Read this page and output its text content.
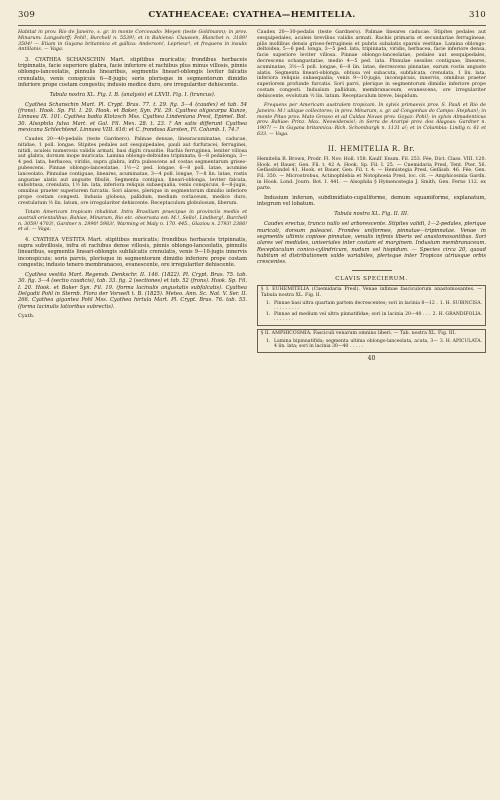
309	CYATHEACEAE: CYATHEA—HEMITELIA.	310

Habitat in prov. Rio de Janeiro, s. gr. in monte Corcovado: Meyen (teste Goldmann); in prov. Minarum: Langsdorff; Pohl!, Burchell n. 5539!; et in Bahiensi: Claussen, Blanchet n. 3189! 3504! — Etiam in Guyana britannica et gallica: Anderson!, Leprieur!, et frequens in insulis Antillanis. — Vaga.

3. CYATHEA SCHANSCHIN Mart. stipitibus muricatis; frondibus herbaceis tripinnatis, facie superiore glabra, facie inferiore et rachibus plus minus villosis, pinnis oblongo-lanceolatis, pinnulis linearibus, segmentis linearl-oblongis leviter falcatis crenulatis, venis conspicuis 6—8-jugis; soris plerisque in segmentorum dimidio inferiore prope costam congestis; indusio medice duro, ore irregulariter dehiscente.

Tabula nostra XL. Fig. I. B. (analysis) et LXVII. Fig. I. (truncus).

Cyathea Schanschin Mart. Pl. Crypt. Bras. 77. t. 29. fig. 3—4 (caudex) et tab. 54 (frons). Hook. Sp. Fil. I. 20. Hook. et Baker, Syn. Fil. 29. Cyathea oligocarpa Kunze, Linnaea IX. 101. Cyathea badia Klotzsch Mss. Cyathea Lindeniana Presl, Epimel. Bot. 30. Alsophila fulva Mart. et Gal. Fil. Mex. 28. t. 23. ? An satis differunt Cyathea mexicana Schlechtend. Linnaea VIII. 616: et C. frondosa Karsten, Fl. Columb. I. 74.?

Caudex 20—40-pedalis (teste Gardnero). Palmae densae, linearacuminatae, caducae, nitidae, 1 poll. longae. Stipites pedales aut sesquipedales, pauli aut furfuracei, ferruginei, nitidi, aculeis numerosis validis armati, basi digiti crassitie. Rachis ferruginea, leniter villosa aut glabra, dorsum inope muricata. Lamina oblongo-deltoidea tripinnata, 6—8 pedalonga, 3—4 ped. lata, herbacea, viridis, supra glabra, infra pubescens ad costas segmentarum griseo-pubescens. Pinnae oblongo-lanceolatae, 1½—2 ped. longae, 6—8 poll. latae, acumine lanceolato. Pinnulae contiguae, lineares, acuminatae, 3—4 poll. longae, 7—8 lin. latae, rostis angustae alatis aut anguste fibulis. Segmenta contigua, lineari-oblonga, leviter falcata, subobtusa, crenulata, 1½ lin. lata, inferiora reliquis subaequalia, venis conspicuis, 6—8-jugis, omnibus praeter superiorem furcatis. Sori alares, plerique in segmentorum dimidio inferiore prope costam congesti. Indusia globosa, pallidum, medium coriaceum, medice duro, crestulatum ½ lin. latum, ore irregulariter dehiscente. Receptaculum globulosum, liberum.

Totam Americam tropicam inhabitat. Intra Brasiliam praecipue in provinciis mediis et australi-orientalibus, Bahiae, Minarum, Rio etc. observata est: M.!, Sello!, Lindberg!, Burchell n. 3059! 4703!, Gardner n. 2990! 5983!, Warming et Maly n. 170. 445., Glaziou n. 2793! 2386! et al. — Vaga.

4. CYATHEA VESTITA Mart. stipitibus muricatis; frondibus herbaceis tripinnatis, supra subvillosis, infra et rachibus dense villosis, pinnis oblongo-lanceolatis, pinnulis linearibus, segmentis lineari-oblongis subfalcatis crenulatis, venis 9—10-jugis innervis inconspicuis; soris parvis, plerisque in segmentorum dimidio inferiore prope costam congestis; indusio tenero membranaceo, evanescente, ore irregulariter dehiscente.

Cyathea vestita Mart. Regensb. Denkschr. II. 146. (1822). Pl. Crypt. Bras. 75. tab. 30. fig. 3—4 (sectio caudicis), tab. 33. fig. 2 (sectiones) et tab. 52 (frons). Hook. Sp. Fil. I. 20. Hook. et Baker Syn. Fil. 19. (forma lacinulis angustatis subfalcatis). Cyathea Delgadii Pohl in Sternb. Flora der Vorwelt t. B. (1825). Meteo. Ann. Sc. Nat. V. Ser. II. 266. Cyathea gigantea Pohl Mss. Cyathea hirtula Mart. Pl. Crypt. Bras. 76. tab. 53. (forma lacinulis latioribus subrectis).

Cyath.

Caudex 20—30-pedalis (teste Gardnero). Palmae lineares caducae. Stipites pedales aut sesquipedales, aculeis brevibus validis armati. Rachis primaria et secundariae ferrugineae, pilis mollibus densis griseo-ferrugineis et pubris subalatis sparsis vestitae. Lamina oblongo-deltoidea, 5—6 ped. longa, 3—5 ped. lata, tripinnata, viridis, herbacea, facie inferiore densa, facie superiore leviter villosa. Pinnae oblongo-lanceolatae, pedales aut sesquipedales, decrescens ochangustatae, medio 4—5 ped. lata. Pinnulae sessiles contiguae, lineares, acuminatae, 3½—5 poll. longae, 6—8 lin. latae, decrescens pinnatae, earum rostis anguste alatis. Segmenta lineari-oblonga, obtusa vel subacuta, subfalcata, crenulata, 1 lin. lata, inferiora reliquis subaequalia; venis 9—10-jugis, inconspicuis, innervis, omnibus praeter superiorem profunde furcatis. Sori parvi, plerique in segmentorum dimidio inferiore prope costam congesti. Indusium pallidum, membranaceum, evanescens, ore irregulariter dehiscente, evolutum ½ lin. latum. Receptaculum breve, bispidum.

Frequens per Americam australem tropicam. In sylvis primaevis prov. S. Pauli et Rio de Janeiro: M.! ubique collectores; in prov. Minarum, s. gr. ad Congonhas do Campo: Stephan!; in monte Pitao prov. Mato Grosso et ad Caldas Novas prov. Goyaz: Pohl!; in sylvis Almadenticus prov. Bahiae: Prinz. Max. Neowidensis!; in Serra de Araripé prov. dos Alagoas: Gardner n. 1907! — In Guyana britannica: Rich. Schomburgk n. 1131 a!; et in Columbia: Lindig n. 61 et 633. — Vaga.

II. HEMITELIA R. Br.

Hemitelia R. Brown, Prodr. Fl. Nov. Holl. 158. Kaulf. Enum. Fil. 253. Fée, Dict. Class. VIII. 120. Hook. et Bauer, Gen. Fil. t. 42 A. Hook. Sp. Fil. I. 25. — Cnemidaria Presl, Tent. Pter. 56. Gefässbündel 41. Hook. et Bauer, Gen. Fil. t. 4. — Hemistegia Presl, Gefässb. 46. Fée, Gen. Fil. 350. — Microstrobus, Actinophlebia et Notophoeia Presl, loc. cit. — Amphicosmia Gardn. in Hook. Lond. Journ. Bot. I. 441. — Alsophila § Hymenostegia J. Smith, Gen. Ferns 112. ex parte.

Indusium inferum, subdimidiato-cupuliforme, demum squamiforme, explanatum, integrum vel lobatum.

Tabula nostra XL. Fig. II. III.

Caudex erectus, trunco nullo vel arborescente. Stipites validi, 1—2-pedales, plerique muricati, dorsum paleacei. Frondes uniformes, pinnatae—tripinnatae. Venae in segmentis ultimis copiose pinnatae, venulis infimis liberis vel anastomosantibus. Sori alares vel mediales, uniseriales inter costam et marginem. Indusium membranaceum. Receptaculum conico-cylindricum, nudum vel hispidum. — Species circa 20, quoad habitum et distributionem valde variabiles, plerisque inter Tropicos utriusque orbis crescentes.

CLAVIS SPECIERUM.

§ I. EUHEMITELIA (Cnemidaria Presl). Venae infimae fasciculorum anastomosantes. — Tabula nostra XL. Fig. II.

1. Pinnae basi ultra quartam partem decrescentes; sori in lacinia 8—12 . . . . . . . . . .
1. H. SUBINCISA.
1. Pinnae ad medium vel ultra pinnatifidae; sori in lacinia 20—40 . . . . . . . . . .
2. H. GRANDIFOLIA.

§ II. AMPHICOSMIA. Fasciculi venarum omnino liberi. — Tab. nostra XL. Fig. III.

1. Lamina bipinnatifida; segmenta ultima oblongo-lanceolata, acuta, 3—4 lin. lata; sori in lacinia 30—40 . . . . .
3. H. APICULATA.
40
